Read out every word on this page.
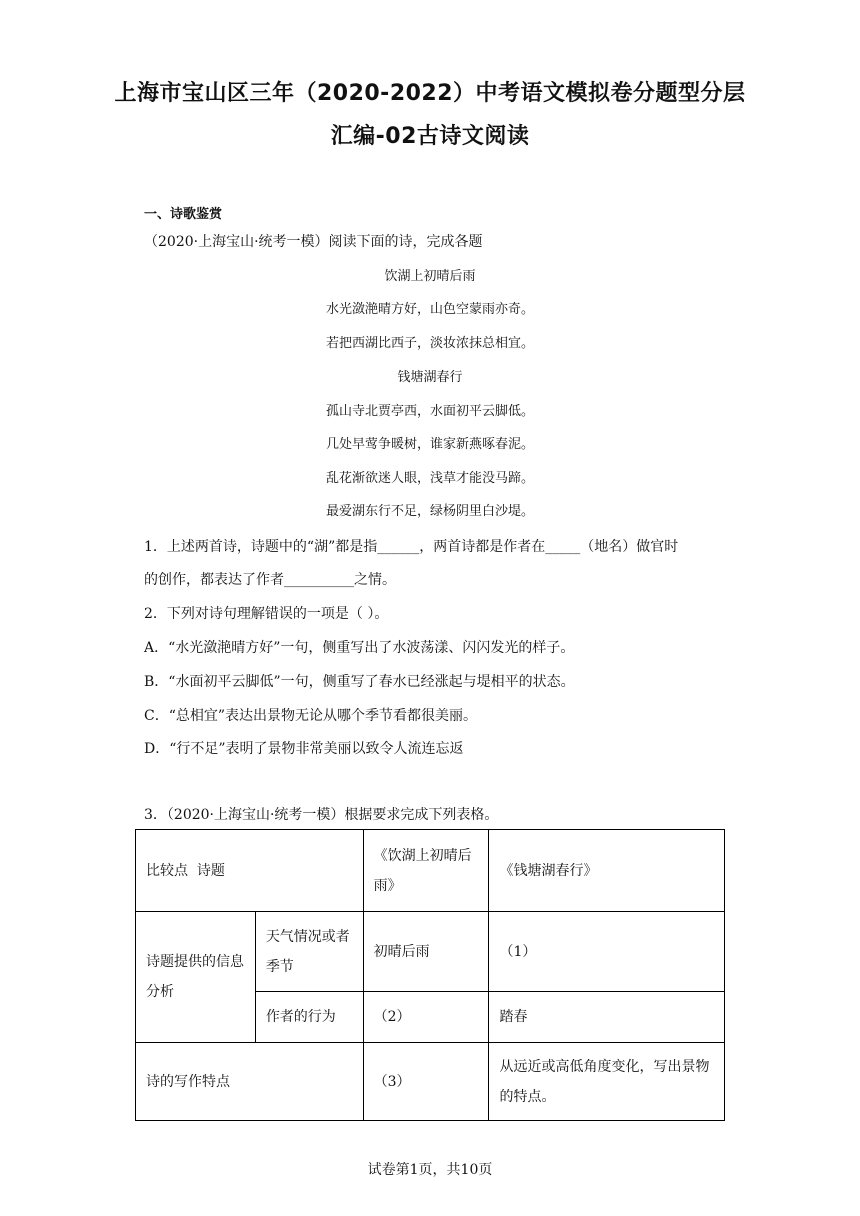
上海市宝山区三年（2020-2022）中考语文模拟卷分题型分层
汇编-02古诗文阅读
一、诗歌鉴赏
（2020·上海宝山·统考一模）阅读下面的诗，完成各题
饮湖上初晴后雨
水光潋滟晴方好，山色空蒙雨亦奇。
若把西湖比西子，淡妆浓抹总相宜。
钱塘湖春行
孤山寺北贾亭西，水面初平云脚低。
几处早莺争暖树，谁家新燕啄春泥。
乱花渐欲迷人眼，浅草才能没马蹄。
最爱湖东行不足，绿杨阴里白沙堤。
1．上述两首诗，诗题中的“湖”都是指______，两首诗都是作者在_____（地名）做官时
的创作，都表达了作者__________之情。
2．下列对诗句理解错误的一项是（ ）。
A．“水光潋滟晴方好”一句，侧重写出了水波荡漾、闪闪发光的样子。
B．“水面初平云脚低”一句，侧重写了春水已经涨起与堤相平的状态。
C．“总相宜”表达出景物无论从哪个季节看都很美丽。
D．“行不足”表明了景物非常美丽以致令人流连忘返
3．（2020·上海宝山·统考一模）根据要求完成下列表格。
比较点  诗题		《饮湖上初晴后雨》	《钱塘湖春行》
诗题提供的信息分析	天气情况或者季节	初晴后雨	（1）
	作者的行为	（2）	踏春
诗的写作特点		（3）	从远近或高低角度变化，写出景物的特点。
试卷第1页，共10页
